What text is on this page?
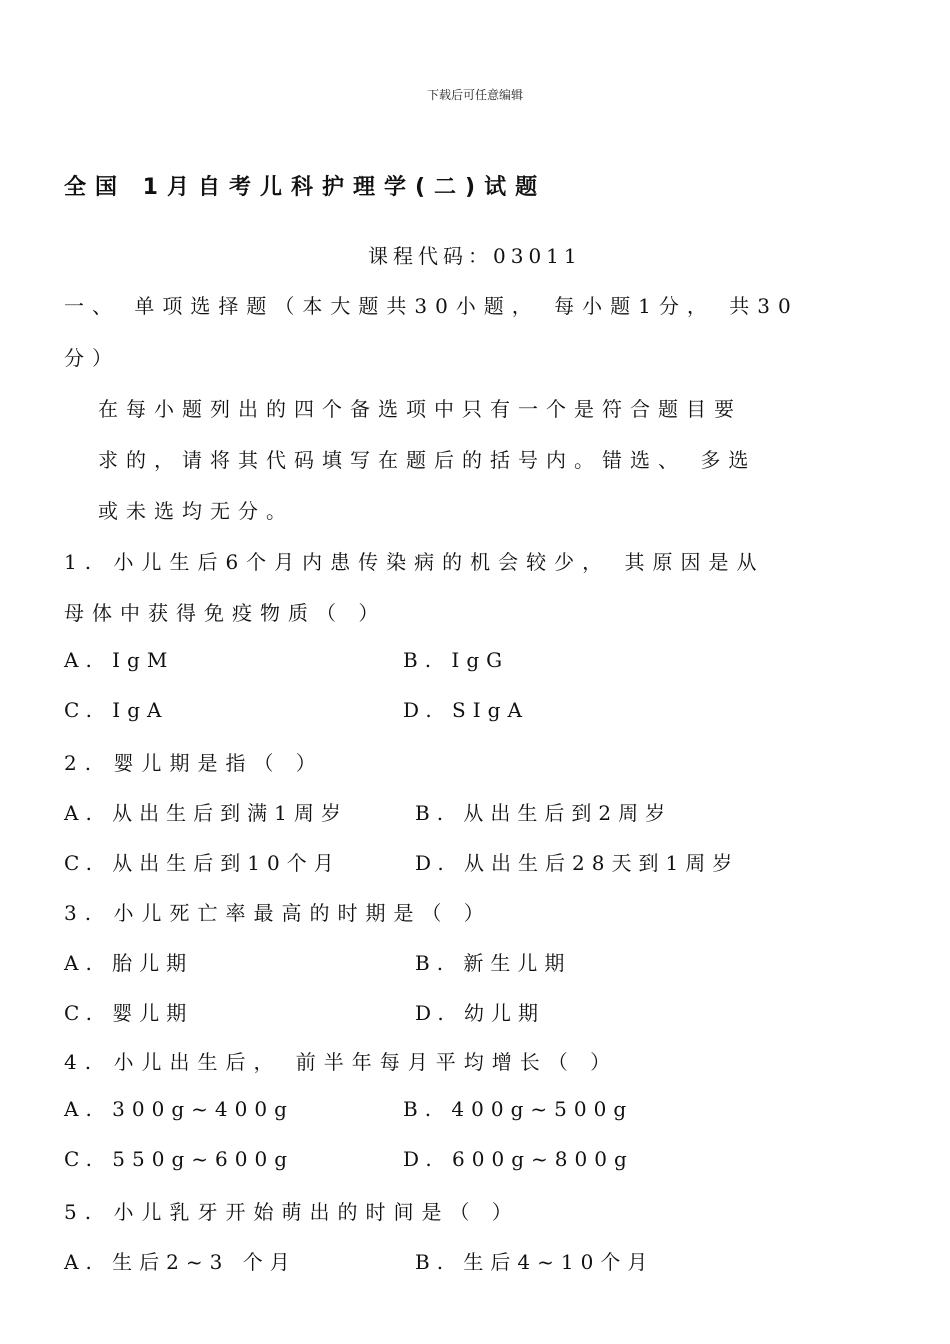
下载后可任意编辑
全国 1月自考儿科护理学(二)试题
课程代码：03011
一、 单项选择题（本大题共30小题， 每小题1分， 共30
分）
在每小题列出的四个备选项中只有一个是符合题目要
求的，请将其代码填写在题后的括号内。错选、 多选
或未选均无分。
1. 小儿生后6个月内患传染病的机会较少， 其原因是从
母体中获得免疫物质（ ）
A. IgM	B. IgG
C. IgA	D. SIgA
2. 婴儿期是指（ ）
A. 从出生后到满1周岁	B. 从出生后到2周岁
C. 从出生后到10个月	D. 从出生后28天到1周岁
3. 小儿死亡率最高的时期是（ ）
A. 胎儿期	B. 新生儿期
C. 婴儿期	D. 幼儿期
4. 小儿出生后， 前半年每月平均增长（ ）
A. 300g~400g	B. 400g~500g
C. 550g~600g	D. 600g~800g
5. 小儿乳牙开始萌出的时间是（ ）
A. 生后2~3 个月	B. 生后4~10个月
